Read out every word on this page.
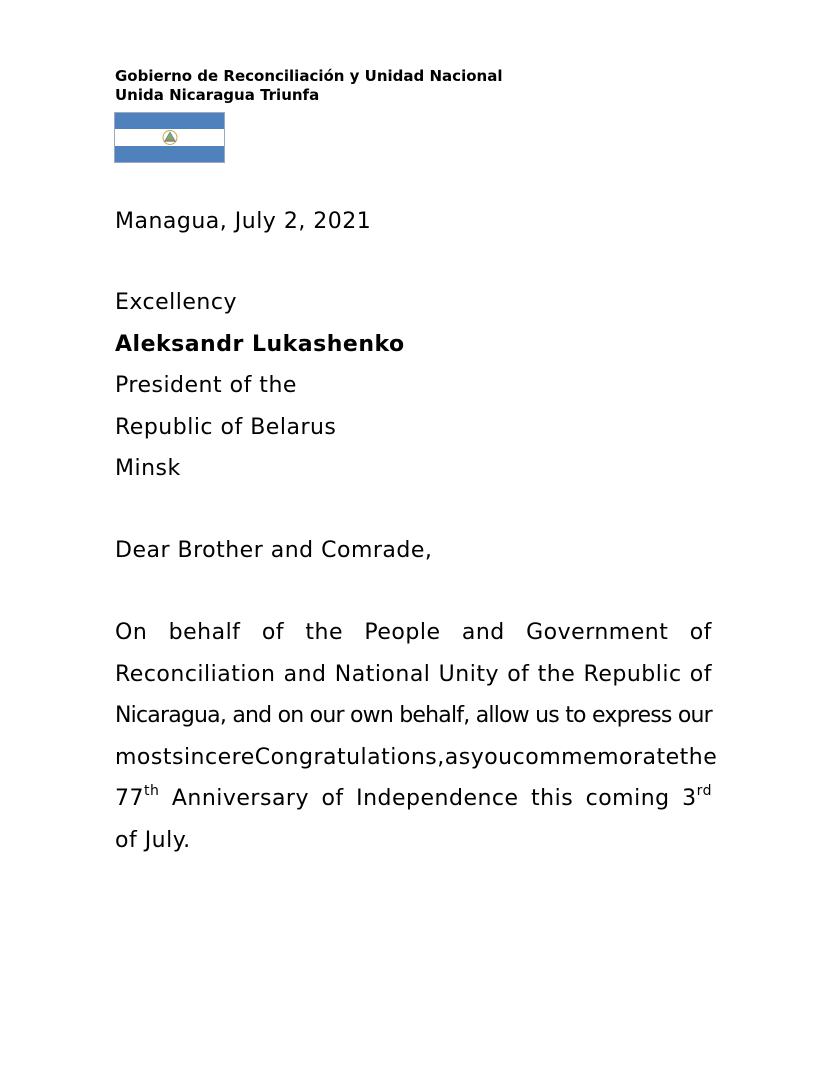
Gobierno de Reconciliación y Unidad Nacional
Unida Nicaragua Triunfa
Managua, July 2, 2021
Excellency
Aleksandr Lukashenko
President of the
Republic of Belarus
Minsk
Dear Brother and Comrade,
On behalf of the People and Government of
Reconciliation and National Unity of the Republic of
Nicaragua, and on our own behalf, allow us to express our
most sincere Congratulations, as you commemorate the
77th Anniversary of Independence this coming 3rd
of July.
